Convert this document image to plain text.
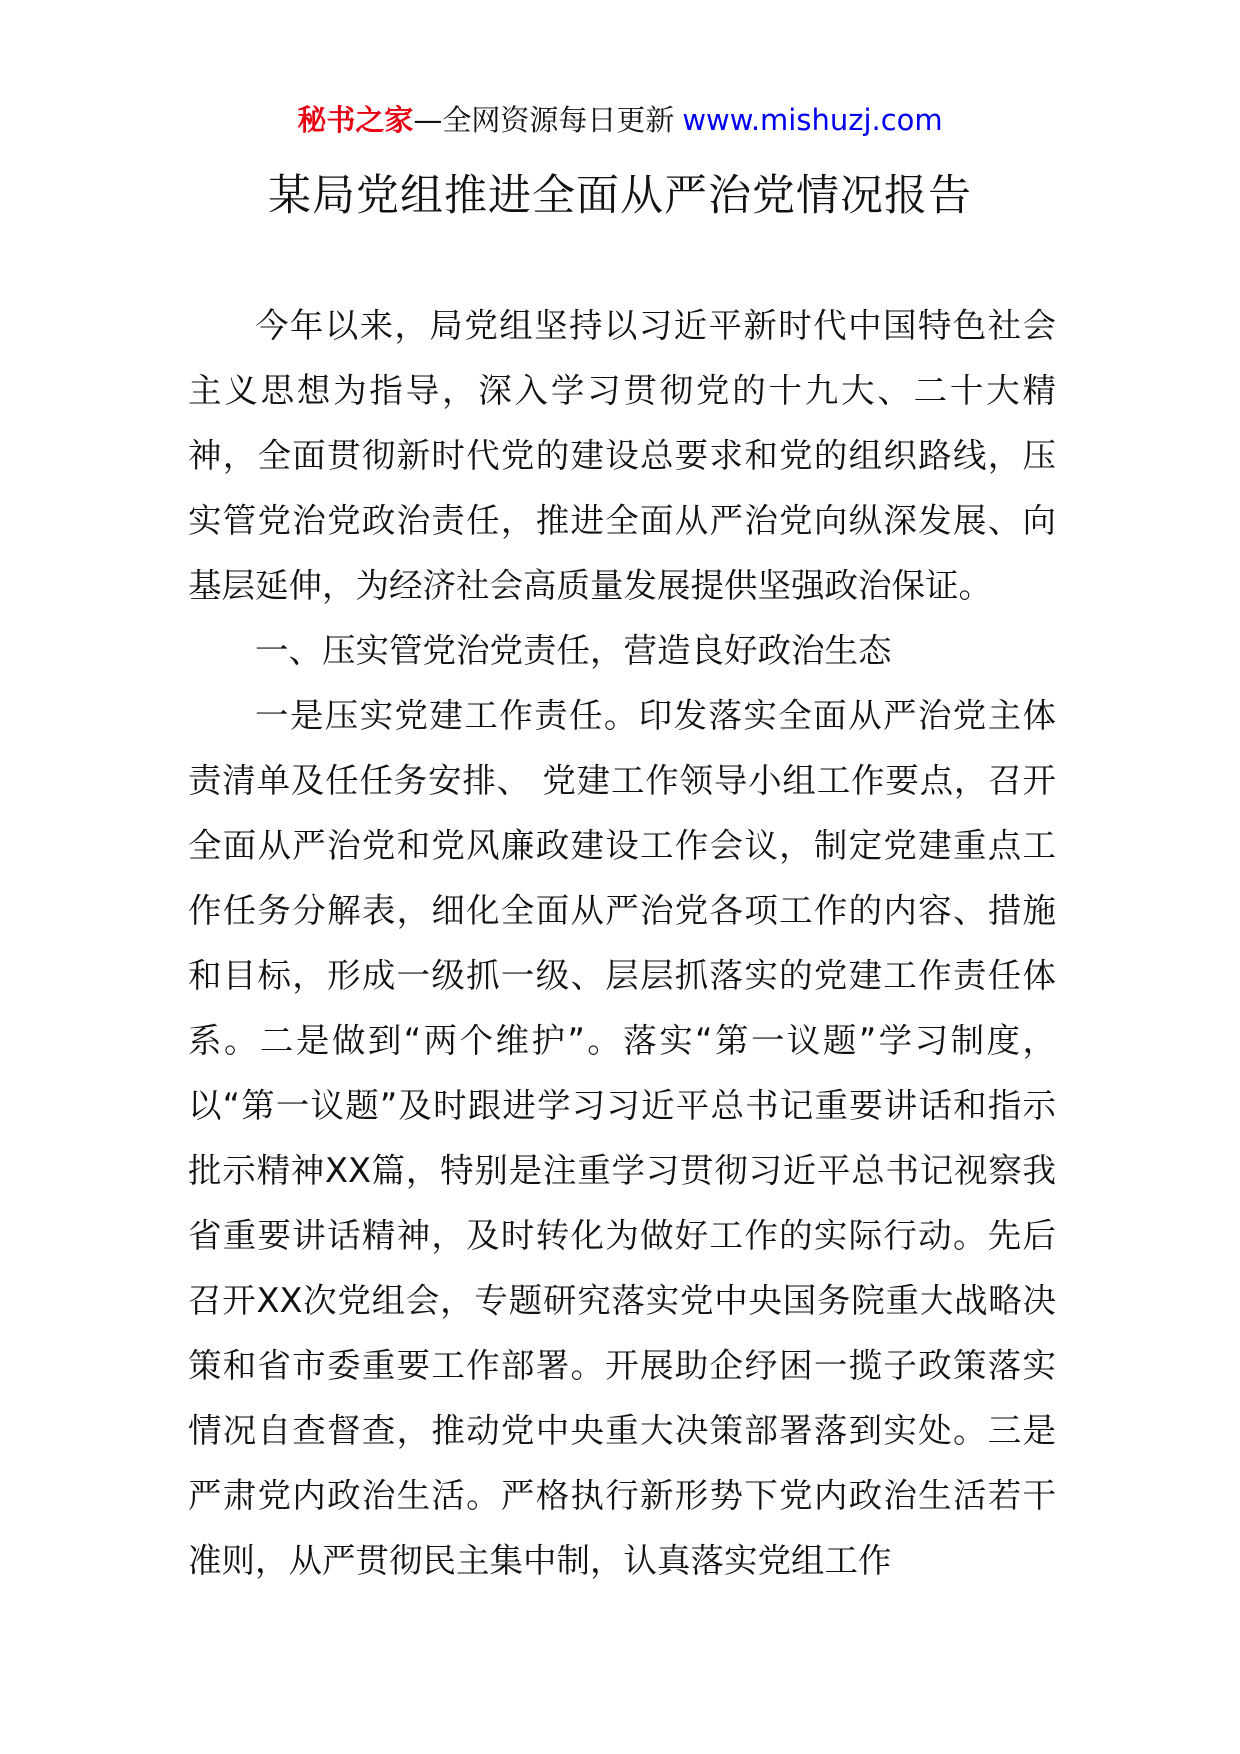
秘书之家—全网资源每日更新 www.mishuzj.com
某局党组推进全面从严治党情况报告

今年以来，局党组坚持以习近平新时代中国特色社会主义思想为指导，深入学习贯彻党的十九大、二十大精神，全面贯彻新时代党的建设总要求和党的组织路线，压实管党治党政治责任，推进全面从严治党向纵深发展、向基层延伸，为经济社会高质量发展提供坚强政治保证。

一、压实管党治党责任，营造良好政治生态

一是压实党建工作责任。印发落实全面从严治党主体责清单及任任务安排、 党建工作领导小组工作要点，召开全面从严治党和党风廉政建设工作会议，制定党建重点工作任务分解表，细化全面从严治党各项工作的内容、措施和目标，形成一级抓一级、层层抓落实的党建工作责任体系。二是做到“两个维护”。落实“第一议题”学习制度，以“第一议题”及时跟进学习习近平总书记重要讲话和指示批示精神XX篇，特别是注重学习贯彻习近平总书记视察我省重要讲话精神，及时转化为做好工作的实际行动。先后召开XX次党组会，专题研究落实党中央国务院重大战略决策和省市委重要工作部署。开展助企纾困一揽子政策落实情况自查督查，推动党中央重大决策部署落到实处。三是严肃党内政治生活。严格执行新形势下党内政治生活若干准则，从严贯彻民主集中制，认真落实党组工作
